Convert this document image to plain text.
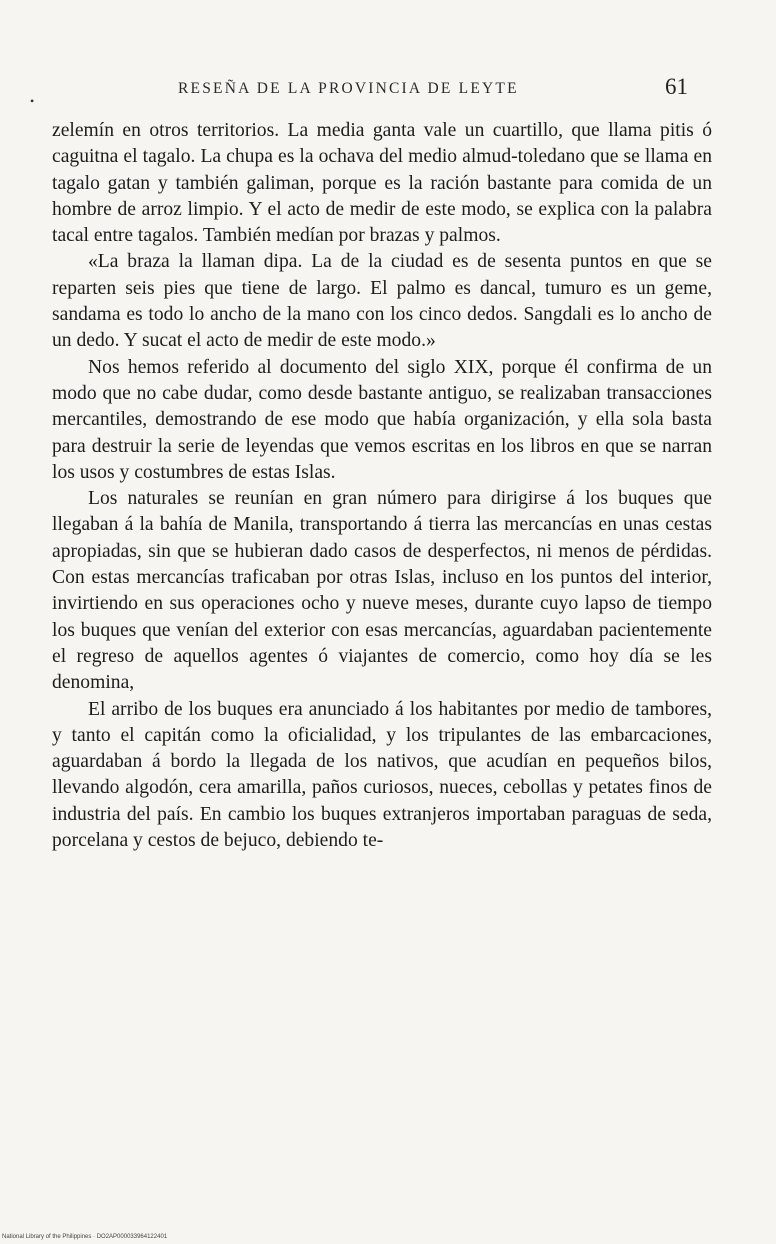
RESEÑA DE LA PROVINCIA DE LEYTE	61
•

zelemín en otros territorios. La media ganta vale un cuartillo, que llama pitis ó caguitna el tagalo. La chupa es la ochava del medio almud-toledano que se llama en tagalo gatan y también galiman, porque es la ración bastante para comida de un hombre de arroz limpio. Y el acto de medir de este modo, se explica con la palabra tacal entre tagalos. También medían por brazas y palmos.

«La braza la llaman dipa. La de la ciudad es de sesenta puntos en que se reparten seis pies que tiene de largo. El palmo es dancal, tumuro es un geme, sandama es todo lo ancho de la mano con los cinco dedos. Sangdali es lo ancho de un dedo. Y sucat el acto de medir de este modo.»

Nos hemos referido al documento del siglo XIX, porque él confirma de un modo que no cabe dudar, como desde bastante antiguo, se realizaban transacciones mercantiles, demostrando de ese modo que había organización, y ella sola basta para destruir la serie de leyendas que vemos escritas en los libros en que se narran los usos y costumbres de estas Islas.

Los naturales se reunían en gran número para dirigirse á los buques que llegaban á la bahía de Manila, transportando á tierra las mercancías en unas cestas apropiadas, sin que se hubieran dado casos de desperfectos, ni menos de pérdidas. Con estas mercancías traficaban por otras Islas, incluso en los puntos del interior, invirtiendo en sus operaciones ocho y nueve meses, durante cuyo lapso de tiempo los buques que venían del exterior con esas mercancías, aguardaban pacientemente el regreso de aquellos agentes ó viajantes de comercio, como hoy día se les denomina,

El arribo de los buques era anunciado á los habitantes por medio de tambores, y tanto el capitán como la oficialidad, y los tripulantes de las embarcaciones, aguardaban á bordo la llegada de los nativos, que acudían en pequeños bilos, llevando algodón, cera amarilla, paños curiosos, nueces, cebollas y petates finos de industria del país. En cambio los buques extranjeros importaban paraguas de seda, porcelana y cestos de bejuco, debiendo te-

National Library of the Philippines · DO2AP000033964122401
